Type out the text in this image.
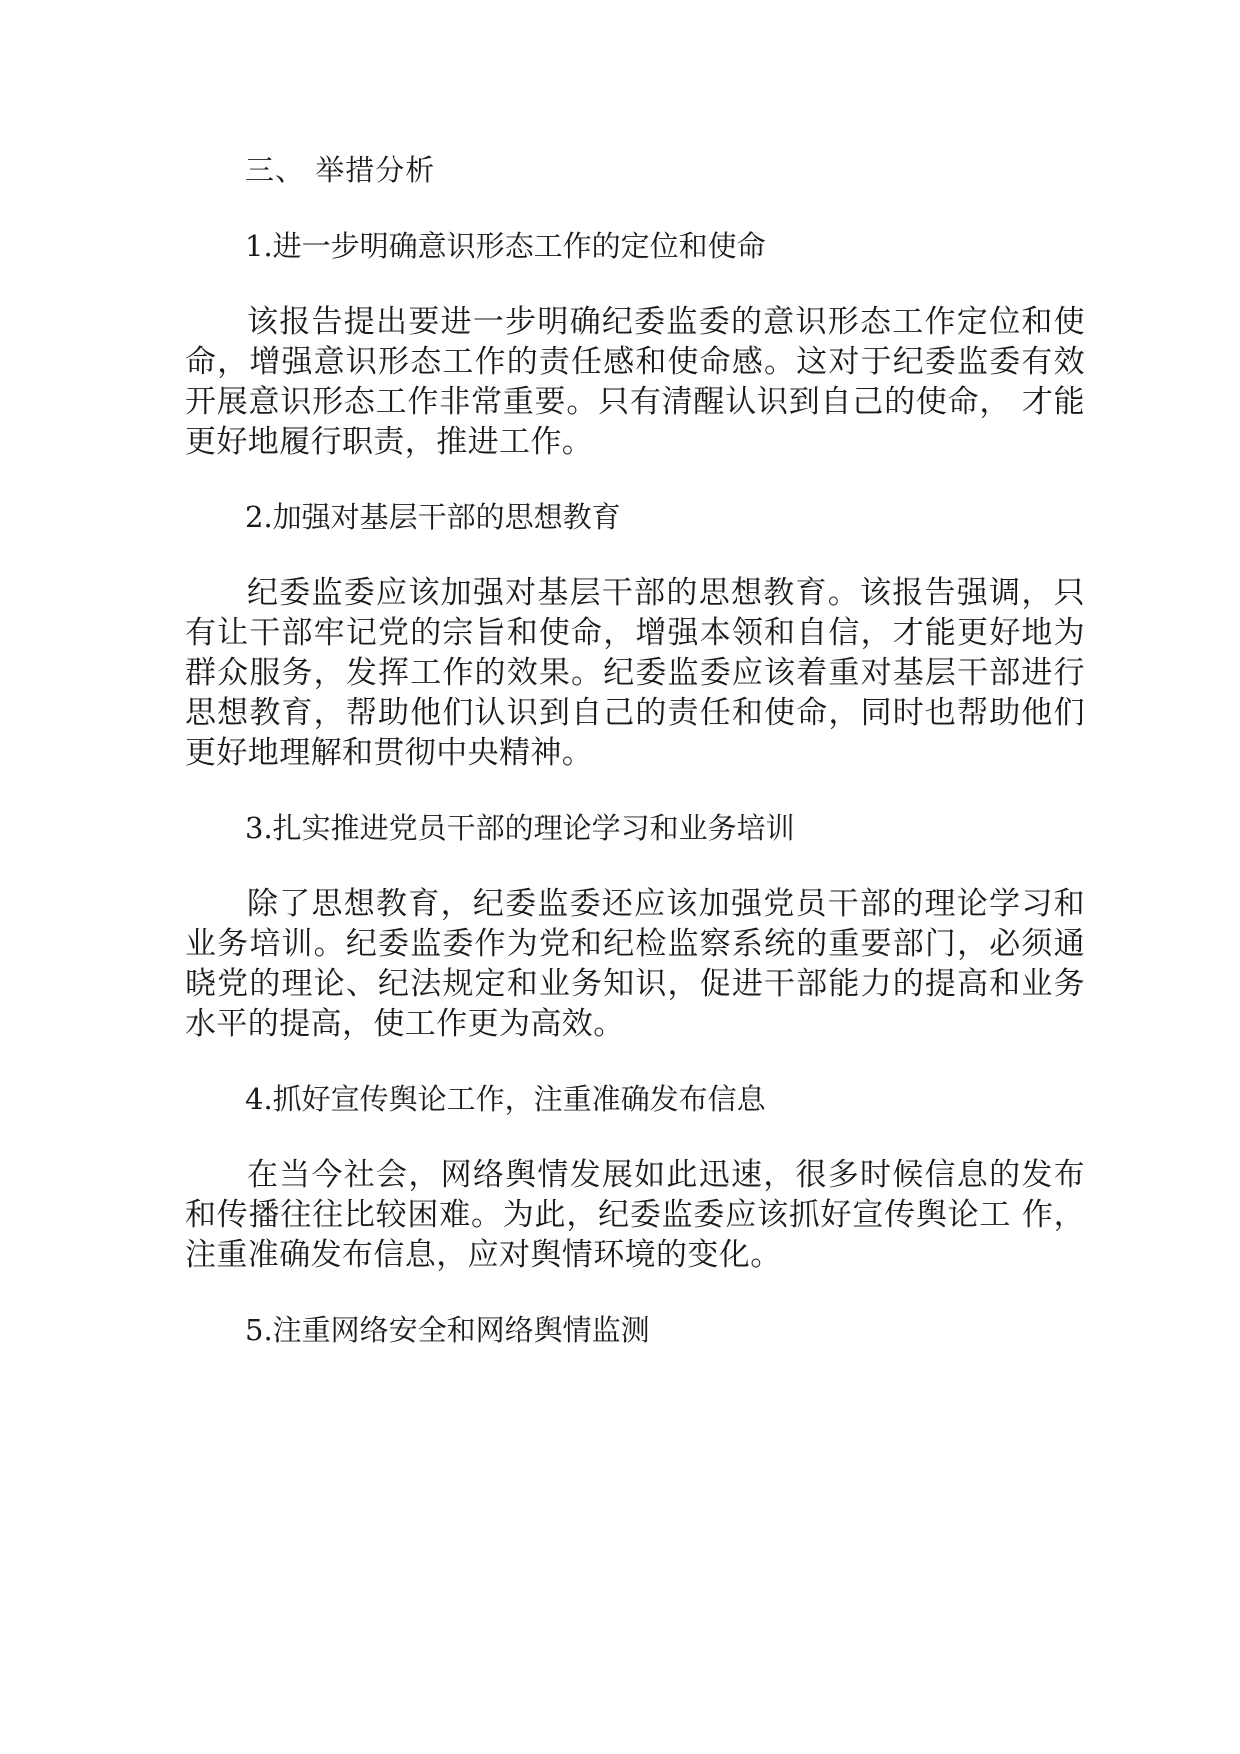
三、 举措分析

1.进一步明确意识形态工作的定位和使命

该报告提出要进一步明确纪委监委的意识形态工作定位和使命，增强意识形态工作的责任感和使命感。这对于纪委监委有效开展意识形态工作非常重要。只有清醒认识到自己的使命， 才能更好地履行职责，推进工作。

2.加强对基层干部的思想教育

纪委监委应该加强对基层干部的思想教育。该报告强调，只有让干部牢记党的宗旨和使命，增强本领和自信，才能更好地为群众服务，发挥工作的效果。纪委监委应该着重对基层干部进行思想教育，帮助他们认识到自己的责任和使命，同时也帮助他们更好地理解和贯彻中央精神。

3.扎实推进党员干部的理论学习和业务培训

除了思想教育，纪委监委还应该加强党员干部的理论学习和业务培训。纪委监委作为党和纪检监察系统的重要部门，必须通晓党的理论、纪法规定和业务知识，促进干部能力的提高和业务水平的提高，使工作更为高效。

4.抓好宣传舆论工作，注重准确发布信息

在当今社会，网络舆情发展如此迅速，很多时候信息的发布和传播往往比较困难。为此，纪委监委应该抓好宣传舆论工 作，注重准确发布信息，应对舆情环境的变化。

5.注重网络安全和网络舆情监测
